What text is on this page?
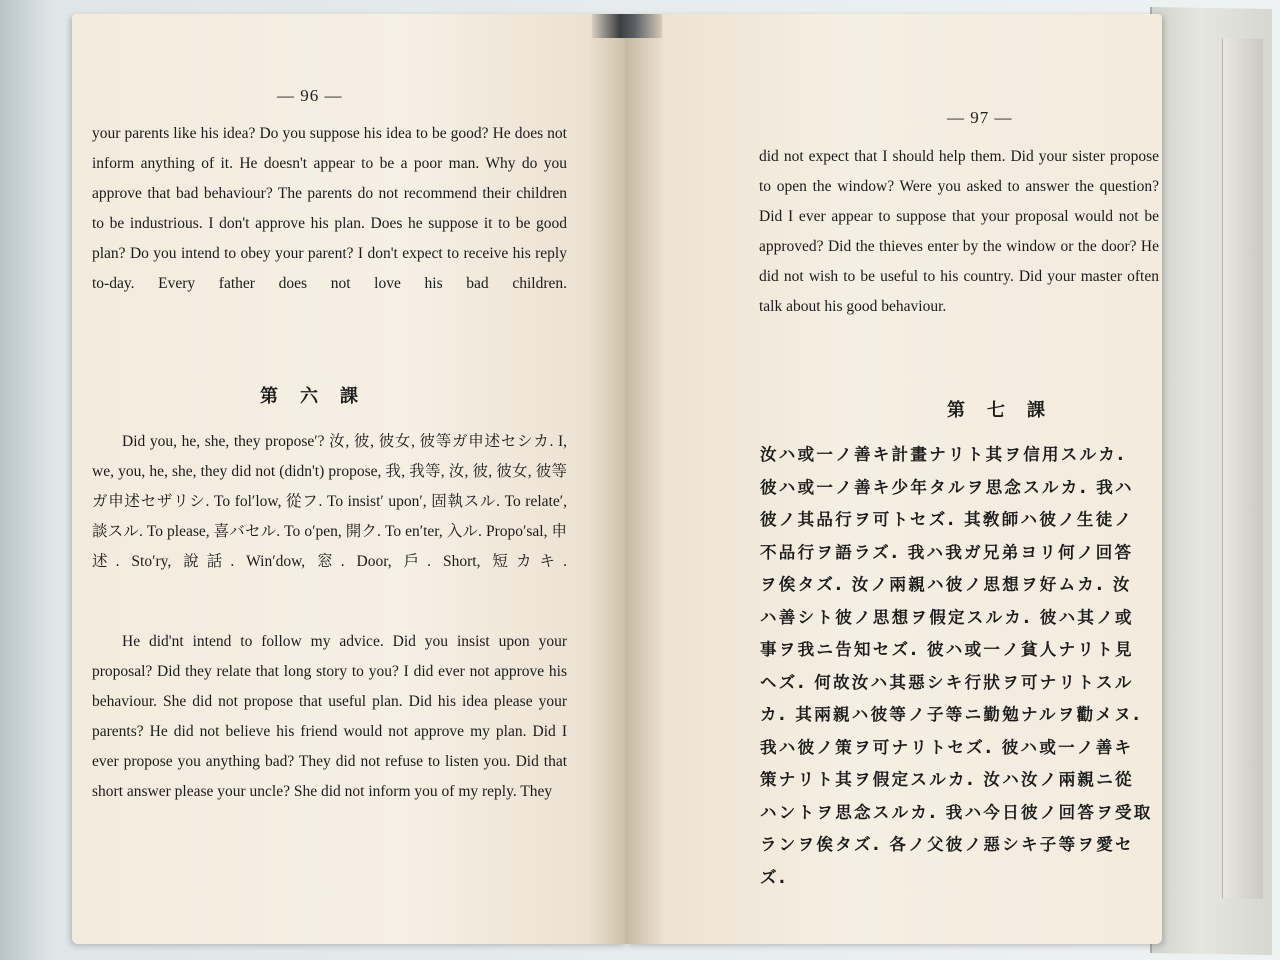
— 96 —
your parents like his idea? Do you suppose his idea to be good? He does not inform anything of it. He doesn't appear to be a poor man. Why do you approve that bad behaviour? The parents do not recommend their children to be industrious. I don't approve his plan. Does he suppose it to be good plan? Do you intend to obey your parent? I don't expect to receive his reply to-day. Every father does not love his bad children.
第六課
Did you, he, she, they propose′? 汝, 彼, 彼女, 彼等ガ申述セシカ. I, we, you, he, she, they did not (didn't) propose, 我, 我等, 汝, 彼, 彼女, 彼等ガ申述セザリシ. To fol′low, 從フ. To insist′ upon′, 固執スル. To relate′, 談スル. To please, 喜バセル. To o′pen, 開ク. To en′ter, 入ル. Propo′sal, 申述. Sto′ry, 說話. Win′dow, 窓. Door, 戶. Short, 短カキ.
He did'nt intend to follow my advice. Did you insist upon your proposal? Did they relate that long story to you? I did ever not approve his behaviour. She did not propose that useful plan. Did his idea please your parents? He did not believe his friend would not approve my plan. Did I ever propose you anything bad? They did not refuse to listen you. Did that short answer please your uncle? She did not inform you of my reply. They
— 97 —
did not expect that I should help them. Did your sister propose to open the window? Were you asked to answer the question? Did I ever appear to suppose that your proposal would not be approved? Did the thieves enter by the window or the door? He did not wish to be useful to his country. Did your master often talk about his good behaviour.
第七課
汝ハ或一ノ善キ計畫ナリト其ヲ信用スルカ.
彼ハ或一ノ善キ少年タルヲ思念スルカ. 我ハ
彼ノ其品行ヲ可トセズ. 其敎師ハ彼ノ生徒ノ
不品行ヲ語ラズ. 我ハ我ガ兄弟ヨリ何ノ回答
ヲ俟タズ. 汝ノ兩親ハ彼ノ思想ヲ好ムカ. 汝
ハ善シト彼ノ思想ヲ假定スルカ. 彼ハ其ノ或
事ヲ我ニ告知セズ. 彼ハ或一ノ貧人ナリト見
ヘズ. 何故汝ハ其惡シキ行狀ヲ可ナリトスル
カ. 其兩親ハ彼等ノ子等ニ勤勉ナルヲ勸メヌ.
我ハ彼ノ策ヲ可ナリトセズ. 彼ハ或一ノ善キ
策ナリト其ヲ假定スルカ. 汝ハ汝ノ兩親ニ從
ハントヲ思念スルカ. 我ハ今日彼ノ回答ヲ受取
ランヲ俟タズ. 各ノ父彼ノ惡シキ子等ヲ愛セ
ズ.
